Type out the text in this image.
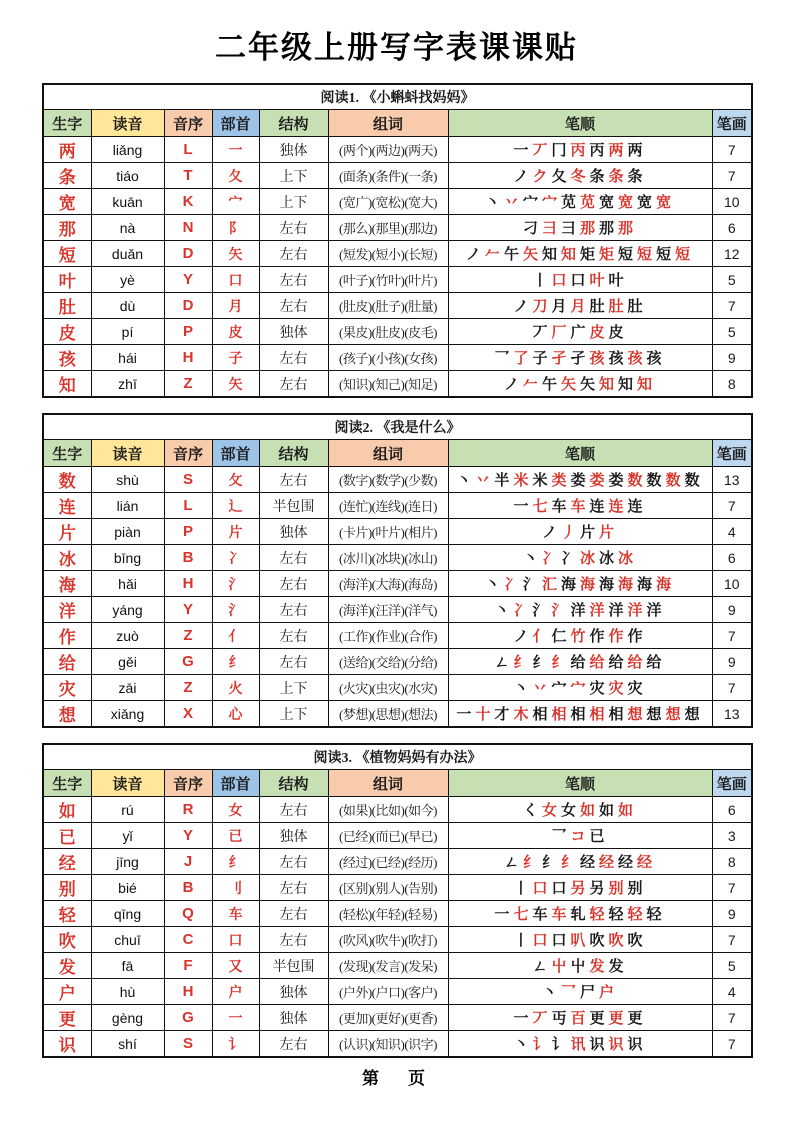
二年级上册写字表课课贴
阅读1. 《小蝌蚪找妈妈》							
生字	读音	音序	部首	结构	组词	笔顺	笔画
两	liǎng	L	一	独体	(两个)(两边)(两天)	一 丆 冂 丙 丙 两 两	7
条	tiáo	T	夂	上下	(面条)(条件)(一条)	ノ ク 夂 冬 条 条 条	7
宽	kuān	K	宀	上下	(宽广)(宽松)(宽大)	丶 丷 宀 宀 苋 苋 宽 宽 宽 宽	10
那	nà	N	阝	左右	(那么)(那里)(那边)	刁 彐 彐 那 那 那	6
短	duǎn	D	矢	左右	(短发)(短小)(长短)	ノ 𠂉 午 矢 知 知 矩 矩 短 短 短 短	12
叶	yè	Y	口	左右	(叶子)(竹叶)(叶片)	丨 口 口 叶 叶	5
肚	dù	D	月	左右	(肚皮)(肚子)(肚量)	ノ 刀 月 月 肚 肚 肚	7
皮	pí	P	皮	独体	(果皮)(肚皮)(皮毛)	丆 厂 广 皮 皮	5
孩	hái	H	子	左右	(孩子)(小孩)(女孩)	乛 了 子 孑 孑 孩 孩 孩 孩	9
知	zhī	Z	矢	左右	(知识)(知己)(知足)	ノ 𠂉 午 矢 矢 知 知 知	8
阅读2. 《我是什么》							
生字	读音	音序	部首	结构	组词	笔顺	笔画
数	shù	S	攵	左右	(数字)(数学)(少数)	丶 丷 半 米 米 类 娄 娄 娄 数 数 数 数	13
连	lián	L	辶	半包围	(连忙)(连线)(连日)	一 七 车 车 连 连 连	7
片	piàn	P	片	独体	(卡片)(叶片)(相片)	ノ 丿 片 片	4
冰	bīng	B	冫	左右	(冰川)(冰块)(冰山)	丶 冫 冫 冰 冰 冰	6
海	hǎi	H	氵	左右	(海洋)(大海)(海岛)	丶 冫 氵 汇 海 海 海 海 海 海	10
洋	yáng	Y	氵	左右	(海洋)(汪洋)(洋气)	丶 冫 氵 氵 洋 洋 洋 洋 洋	9
作	zuò	Z	亻	左右	(工作)(作业)(合作)	ノ 亻 仁 竹 作 作 作	7
给	gěi	G	纟	左右	(送给)(交给)(分给)	ㄥ 纟 纟 纟 给 给 给 给 给	9
灾	zāi	Z	火	上下	(火灾)(虫灾)(水灾)	丶 丷 宀 宀 灾 灾 灾	7
想	xiǎng	X	心	上下	(梦想)(思想)(想法)	一 十 才 木 相 相 相 相 相 想 想 想 想	13
阅读3. 《植物妈妈有办法》							
生字	读音	音序	部首	结构	组词	笔顺	笔画
如	rú	R	女	左右	(如果)(比如)(如今)	く 女 女 如 如 如	6
已	yǐ	Y	已	独体	(已经)(而已)(早已)	乛 コ 已	3
经	jīng	J	纟	左右	(经过)(已经)(经历)	ㄥ 纟 纟 纟 经 经 经 经	8
别	bié	B	刂	左右	(区别)(别人)(告别)	丨 口 口 另 另 别 别	7
轻	qīng	Q	车	左右	(轻松)(年轻)(轻易)	一 七 车 车 轧 轻 轻 轻 轻	9
吹	chuī	C	口	左右	(吹风)(吹牛)(吹打)	丨 口 口 叭 吹 吹 吹	7
发	fā	F	又	半包围	(发现)(发言)(发呆)	ㄥ 屮 屮 发 发	5
户	hù	H	户	独体	(户外)(户口)(客户)	丶 乛 尸 户	4
更	gèng	G	一	独体	(更加)(更好)(更香)	一 丆 丏 百 更 更 更	7
识	shí	S	讠	左右	(认识)(知识)(识字)	丶 讠 讠 讯 识 识 识	7
第　页
